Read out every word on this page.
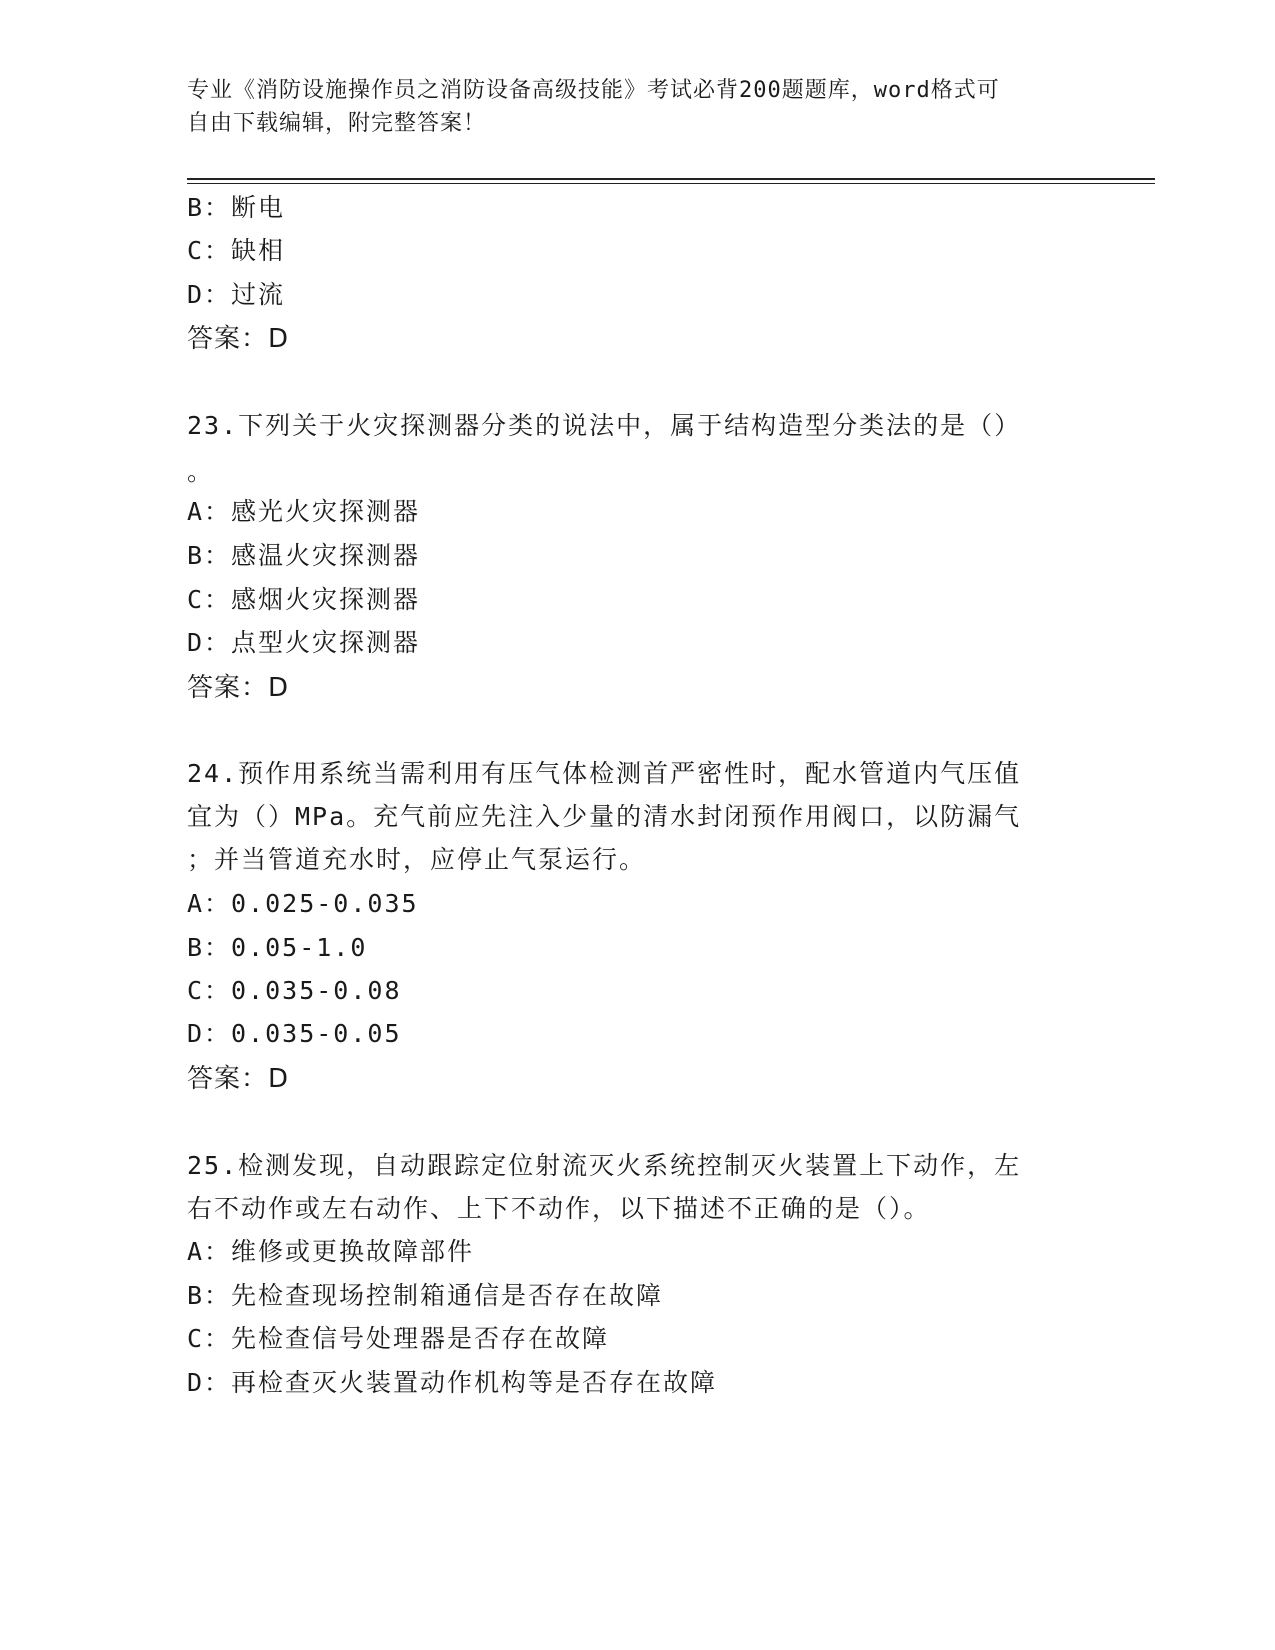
专业《消防设施操作员之消防设备高级技能》考试必背200题题库，word格式可
自由下载编辑，附完整答案！
B：断电
C：缺相
D：过流
答案：D
23.下列关于火灾探测器分类的说法中，属于结构造型分类法的是（）
。
A：感光火灾探测器
B：感温火灾探测器
C：感烟火灾探测器
D：点型火灾探测器
答案：D
24.预作用系统当需利用有压气体检测首严密性时，配水管道内气压值
宜为（）MPa。充气前应先注入少量的清水封闭预作用阀口，以防漏气
；并当管道充水时，应停止气泵运行。
A：0.025-0.035
B：0.05-1.0
C：0.035-0.08
D：0.035-0.05
答案：D
25.检测发现，自动跟踪定位射流灭火系统控制灭火装置上下动作，左
右不动作或左右动作、上下不动作，以下描述不正确的是（）。
A：维修或更换故障部件
B：先检查现场控制箱通信是否存在故障
C：先检查信号处理器是否存在故障
D：再检查灭火装置动作机构等是否存在故障
